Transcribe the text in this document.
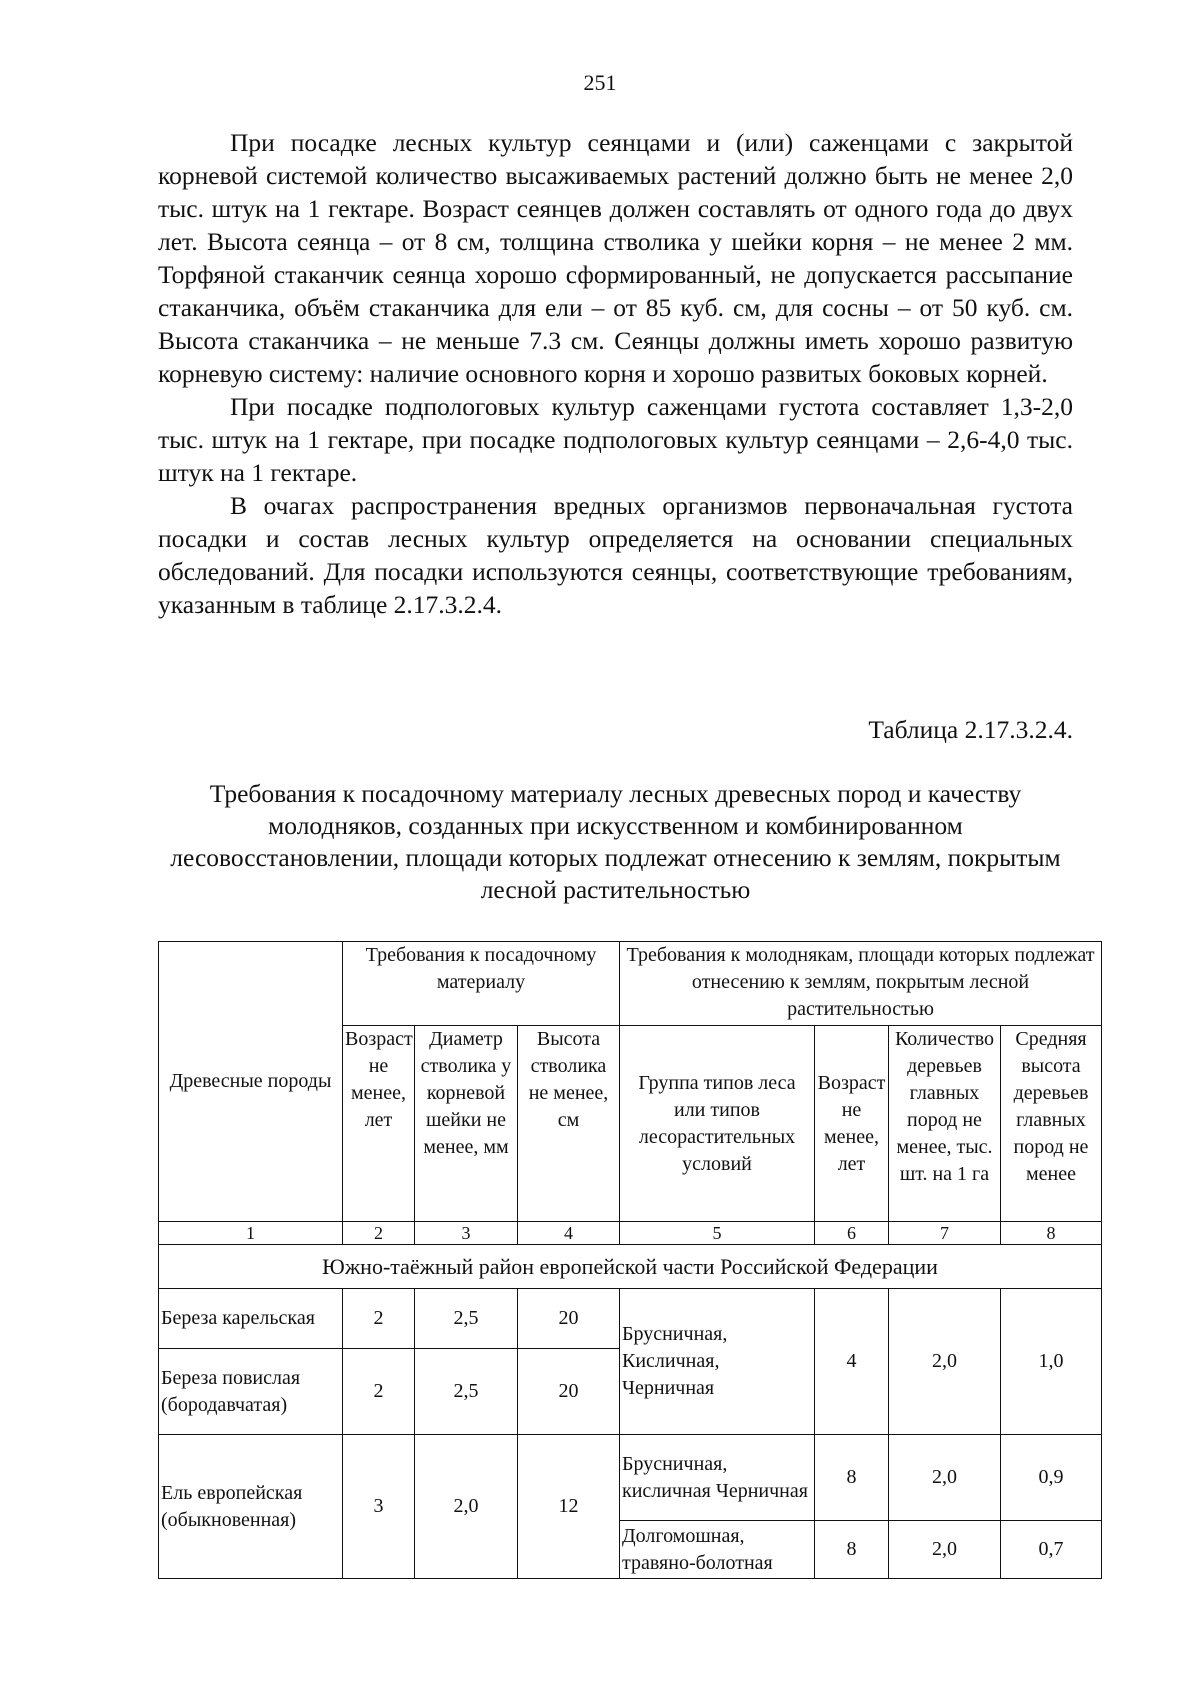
251

При посадке лесных культур сеянцами и (или) саженцами с закрытой корневой системой количество высаживаемых растений должно быть не менее 2,0 тыс. штук на 1 гектаре. Возраст сеянцев должен составлять от одного года до двух лет. Высота сеянца – от 8 см, толщина стволика у шейки корня – не менее 2 мм. Торфяной стаканчик сеянца хорошо сформированный, не допускается рассыпание стаканчика, объём стаканчика для ели – от 85 куб. см, для сосны – от 50 куб. см. Высота стаканчика – не меньше 7.3 см. Сеянцы должны иметь хорошо развитую корневую систему: наличие основного корня и хорошо развитых боковых корней.

При посадке подпологовых культур саженцами густота составляет 1,3-2,0 тыс. штук на 1 гектаре, при посадке подпологовых культур сеянцами – 2,6-4,0 тыс. штук на 1 гектаре.

В очагах распространения вредных организмов первоначальная густота посадки и состав лесных культур определяется на основании специальных обследований. Для посадки используются сеянцы, соответствующие требованиям, указанным в таблице 2.17.3.2.4.

Таблица 2.17.3.2.4.
Требования к посадочному материалу лесных древесных пород и качеству молодняков, созданных при искусственном и комбинированном лесовосстановлении, площади которых подлежат отнесению к землям, покрытым лесной растительностью
Древесные породы	Требования к посадочному материалу			Требования к молоднякам, площади которых подлежат отнесению к землям, покрытым лесной растительностью			
	Возраст не менее, лет	Диаметр стволика у корневой шейки не менее, мм	Высота стволика не менее, см	Группа типов леса или типов лесорастительных условий	Возраст не менее, лет	Количество деревьев главных пород не менее, тыс. шт. на 1 га	Средняя высота деревьев главных пород не менее
1	2	3	4	5	6	7	8
Южно-таёжный район европейской части Российской Федерации							
Береза карельская	2	2,5	20	Брусничная, Кисличная, Черничная	4	2,0	1,0
Береза повислая (бородавчатая)	2	2,5	20				
Ель европейская (обыкновенная)	3	2,0	12	Брусничная, кисличная Черничная	8	2,0	0,9
				Долгомошная, травяно-болотная	8	2,0	0,7
